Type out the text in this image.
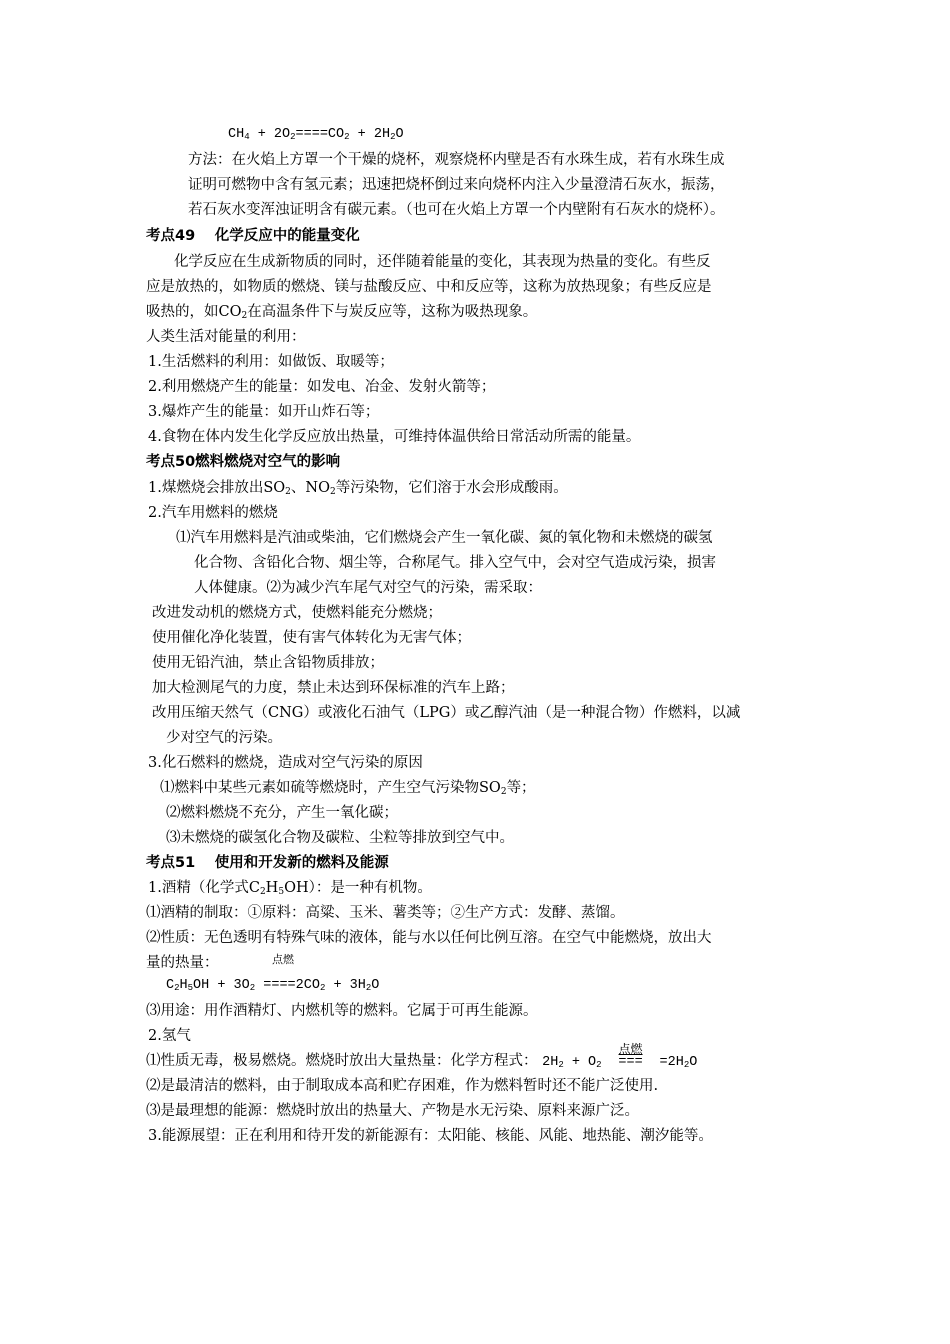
$CH_4 + 2O_2====CO_2 + 2H_2O$
方法：在火焰上方罩一个干燥的烧杯，观察烧杯内壁是否有水珠生成，若有水珠生成
证明可燃物中含有氢元素；迅速把烧杯倒过来向烧杯内注入少量澄清石灰水，振荡，
若石灰水变浑浊证明含有碳元素。（也可在火焰上方罩一个内壁附有石灰水的烧杯）。
考点49　 化学反应中的能量变化
化学反应在生成新物质的同时，还伴随着能量的变化，其表现为热量的变化。有些反
应是放热的，如物质的燃烧、镁与盐酸反应、中和反应等，这称为放热现象；有些反应是
吸热的，如$CO_2$在高温条件下与炭反应等，这称为吸热现象。
人类生活对能量的利用：
1.生活燃料的利用：如做饭、取暖等；
2.利用燃烧产生的能量：如发电、冶金、发射火箭等；
3.爆炸产生的能量：如开山炸石等；
4.食物在体内发生化学反应放出热量，可维持体温供给日常活动所需的能量。
考点50燃料燃烧对空气的影响
1.煤燃烧会排放出$SO_2$、$NO_2$等污染物，它们溶于水会形成酸雨。
2.汽车用燃料的燃烧
⑴汽车用燃料是汽油或柴油，它们燃烧会产生一氧化碳、氮的氧化物和未燃烧的碳氢
化合物、含铅化合物、烟尘等，合称尾气。排入空气中，会对空气造成污染，损害
人体健康。⑵为减少汽车尾气对空气的污染，需采取：
改进发动机的燃烧方式，使燃料能充分燃烧；
使用催化净化装置，使有害气体转化为无害气体；
使用无铅汽油，禁止含铅物质排放；
加大检测尾气的力度，禁止未达到环保标准的汽车上路；
改用压缩天然气（CNG）或液化石油气（LPG）或乙醇汽油（是一种混合物）作燃料，以减
少对空气的污染。
3.化石燃料的燃烧，造成对空气污染的原因
⑴燃料中某些元素如硫等燃烧时，产生空气污染物$SO_2$等；
⑵燃料燃烧不充分，产生一氧化碳；
⑶未燃烧的碳氢化合物及碳粒、尘粒等排放到空气中。
考点51　 使用和开发新的燃料及能源
1.酒精（化学式$C_2H_5OH$）：是一种有机物。
⑴酒精的制取：①原料：高粱、玉米、薯类等；②生产方式：发酵、蒸馏。
⑵性质：无色透明有特殊气味的液体，能与水以任何比例互溶。在空气中能燃烧，放出大
量的热量：	点燃
$C_2H_5OH + 3O_2 ====2CO_2 + 3H_2O$
⑶用途：用作酒精灯、内燃机等的燃料。它属于可再生能源。
2.氢气
⑴性质无毒，极易燃烧。燃烧时放出大量热量：化学方程式： $2H_2 + O_2$
点燃
=== $=2H_2O$
⑵是最清洁的燃料，由于制取成本高和贮存困难，作为燃料暂时还不能广泛使用.
⑶是最理想的能源：燃烧时放出的热量大、产物是水无污染、原料来源广泛。
3.能源展望：正在利用和待开发的新能源有：太阳能、核能、风能、地热能、潮汐能等。
